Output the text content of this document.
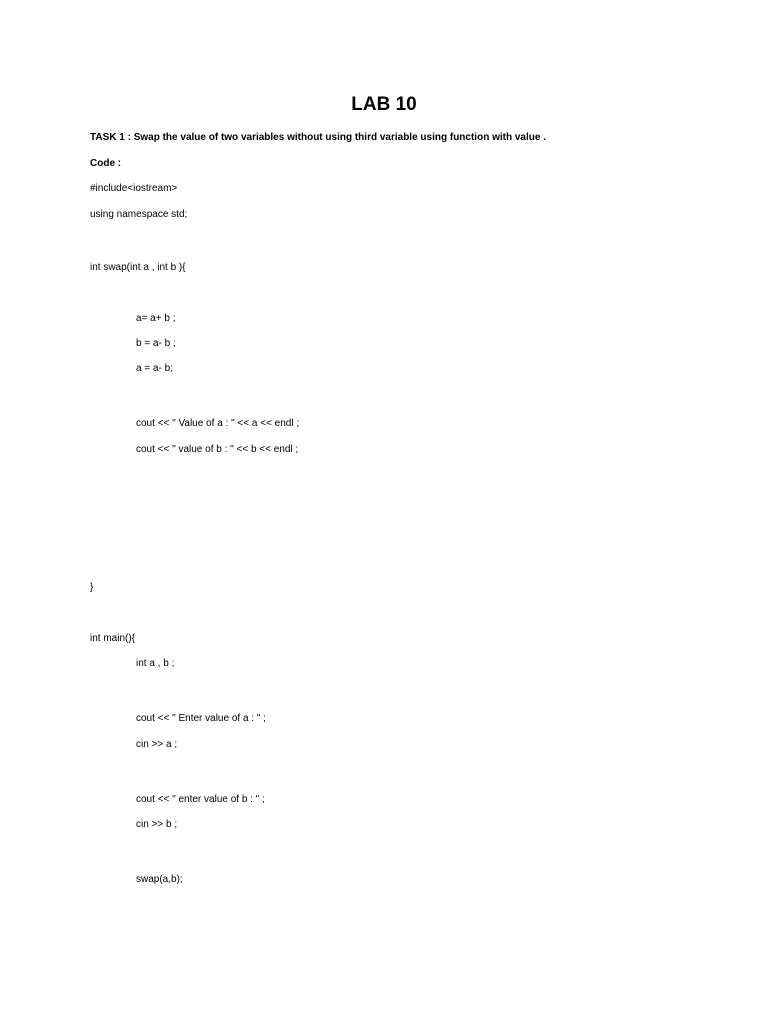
LAB 10
TASK 1 : Swap the value of two variables without using third variable using function with value .
Code :
#include<iostream>
using namespace std;
int swap(int a , int b ){
a= a+ b ;
b = a- b ;
a = a- b;
cout << " Value of a : " << a << endl ;
cout << " value of b : " << b << endl ;
}
int main(){
int a , b ;
cout << " Enter value of a : " ;
cin >> a ;
cout << " enter value of b : " ;
cin >> b ;
swap(a,b);
